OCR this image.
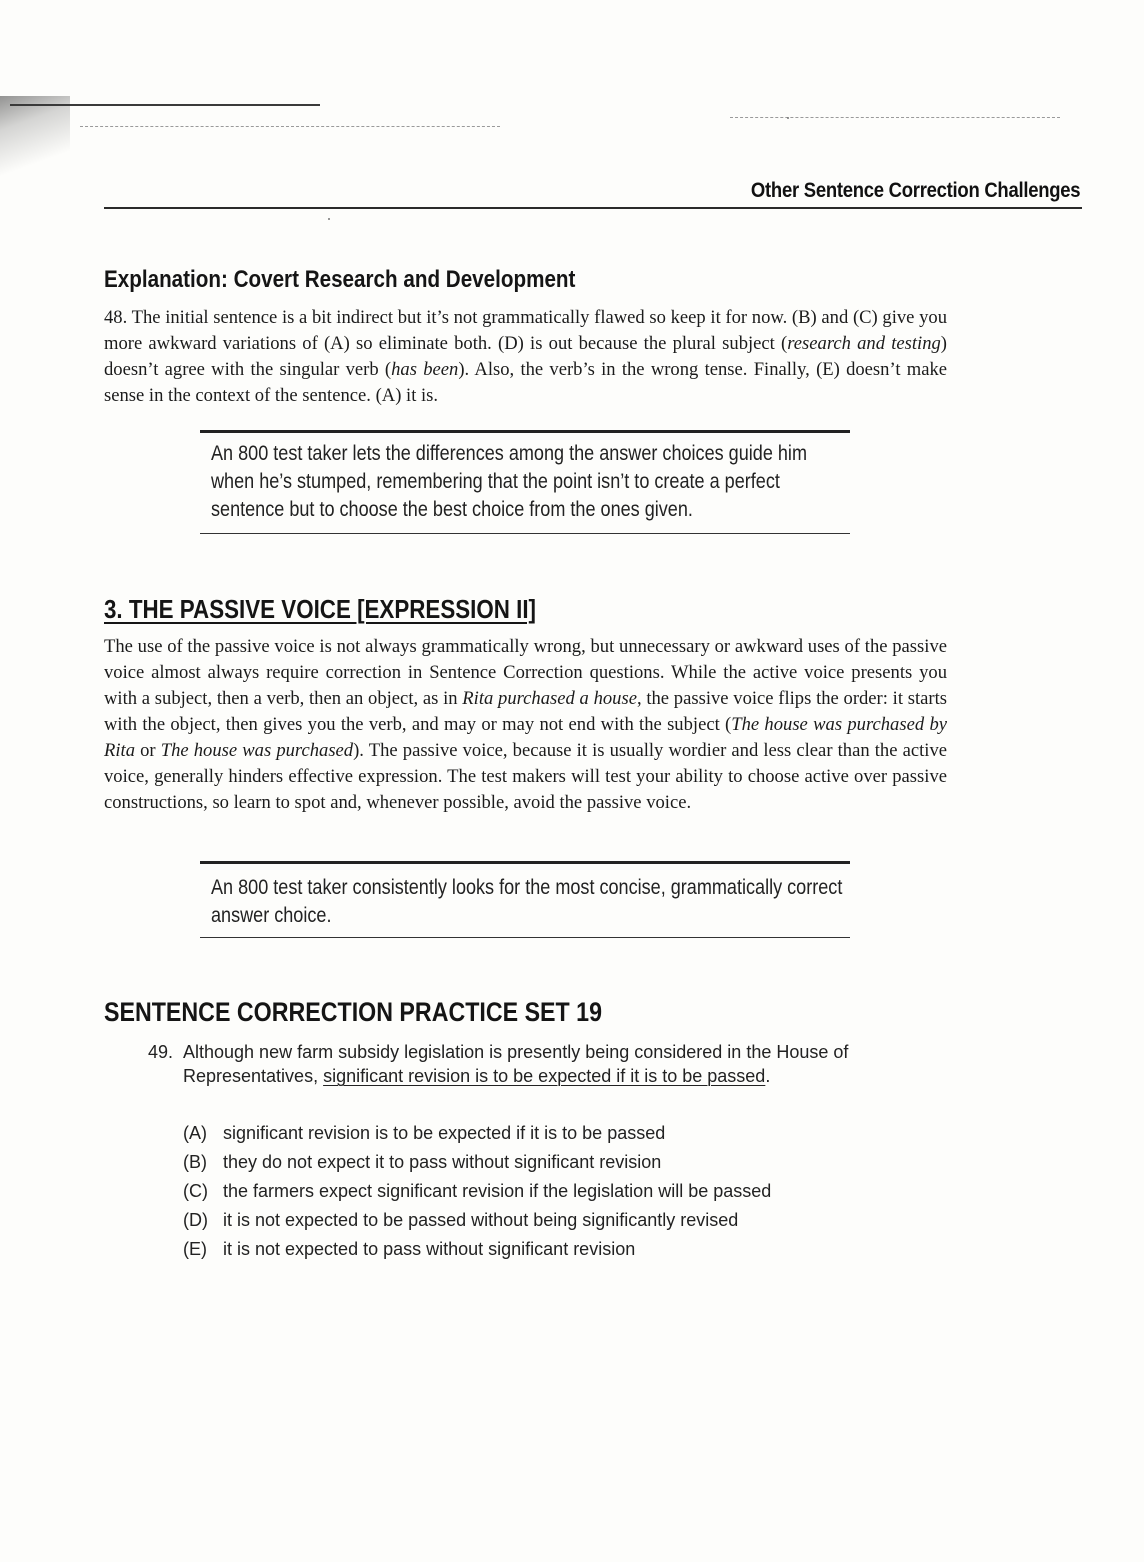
Other Sentence Correction Challenges
Explanation: Covert Research and Development
48. The initial sentence is a bit indirect but it’s not grammatically flawed so keep it for now. (B) and (C) give you more awkward variations of (A) so eliminate both. (D) is out because the plural subject (research and testing) doesn’t agree with the singular verb (has been). Also, the verb’s in the wrong tense. Finally, (E) doesn’t make sense in the context of the sentence. (A) it is.
An 800 test taker lets the differences among the answer choices guide him when he’s stumped, remembering that the point isn’t to create a perfect sentence but to choose the best choice from the ones given.
3. THE PASSIVE VOICE [EXPRESSION II]
The use of the passive voice is not always grammatically wrong, but unnecessary or awkward uses of the passive voice almost always require correction in Sentence Correction questions. While the active voice presents you with a subject, then a verb, then an object, as in Rita purchased a house, the passive voice flips the order: it starts with the object, then gives you the verb, and may or may not end with the subject (The house was purchased by Rita or The house was purchased). The passive voice, because it is usually wordier and less clear than the active voice, generally hinders effective expression. The test makers will test your ability to choose active over passive constructions, so learn to spot and, whenever possible, avoid the passive voice.
An 800 test taker consistently looks for the most concise, grammatically correct answer choice.
SENTENCE CORRECTION PRACTICE SET 19
49. Although new farm subsidy legislation is presently being considered in the House of Representatives, significant revision is to be expected if it is to be passed.
(A) significant revision is to be expected if it is to be passed
(B) they do not expect it to pass without significant revision
(C) the farmers expect significant revision if the legislation will be passed
(D) it is not expected to be passed without being significantly revised
(E) it is not expected to pass without significant revision
